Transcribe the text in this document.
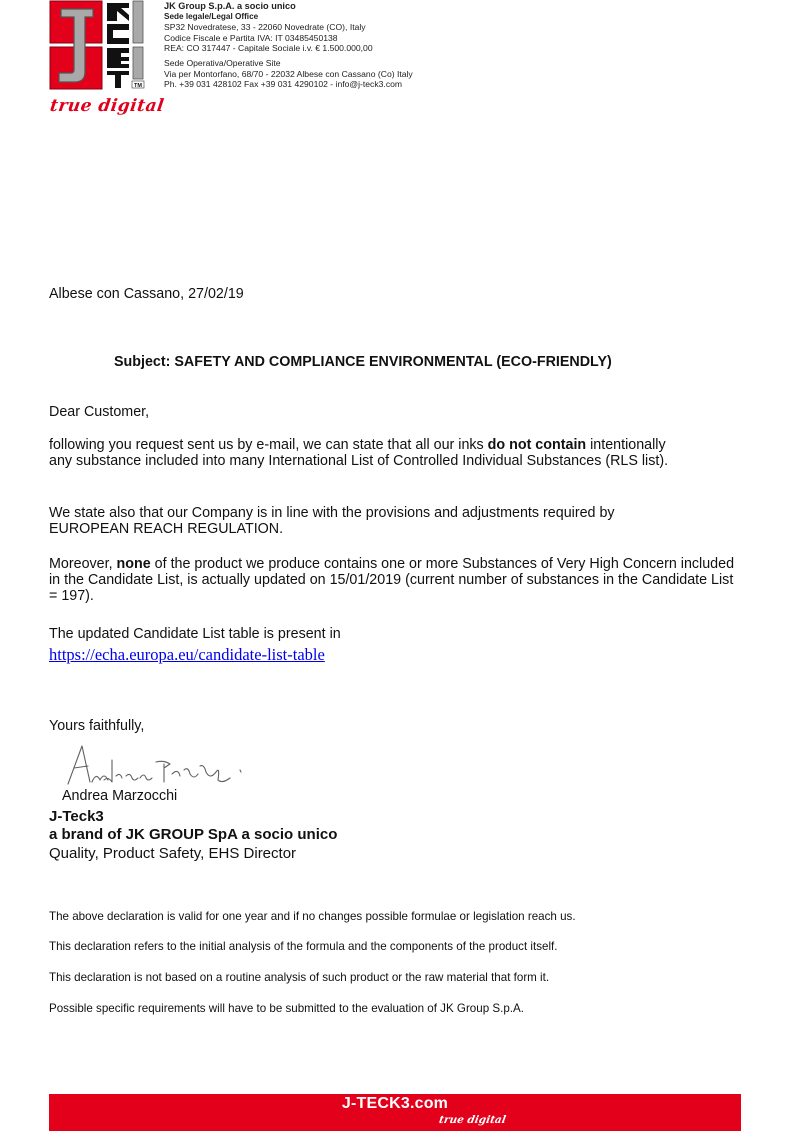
TM
true digital
JK Group S.p.A. a socio unico
Sede legale/Legal Office
SP32 Novedratese, 33 - 22060 Novedrate (CO), Italy
Codice Fiscale e Partita IVA: IT 03485450138
REA: CO 317447 - Capitale Sociale i.v. € 1.500.000,00
Sede Operativa/Operative Site
Via per Montorfano, 68/70 - 22032 Albese con Cassano (Co) Italy
Ph. +39 031 428102 Fax +39 031 4290102 - info@j-teck3.com
Albese con Cassano, 27/02/19
Subject: SAFETY AND COMPLIANCE ENVIRONMENTAL (ECO-FRIENDLY)
Dear Customer,
following you request sent us by e-mail, we can state that all our inks do not contain intentionally
any substance included into many International List of Controlled Individual Substances (RLS list).
We state also that our Company is in line with the provisions and adjustments required by
EUROPEAN REACH REGULATION.
Moreover, none of the product we produce contains one or more Substances of Very High Concern included
in the Candidate List, is actually updated on 15/01/2019 (current number of substances in the Candidate List
= 197).
The updated Candidate List table is present in
https://echa.europa.eu/candidate-list-table
Yours faithfully,
Andrea Marzocchi
J-Teck3
a brand of JK GROUP SpA a socio unico
Quality, Product Safety, EHS Director
The above declaration is valid for one year and if no changes possible formulae or legislation reach us.
This declaration refers to the initial analysis of the formula and the components of the product itself.
This declaration is not based on a routine analysis of such product or the raw material that form it.
Possible specific requirements will have to be submitted to the evaluation of JK Group S.p.A.
J-TECK3.com
true digital
